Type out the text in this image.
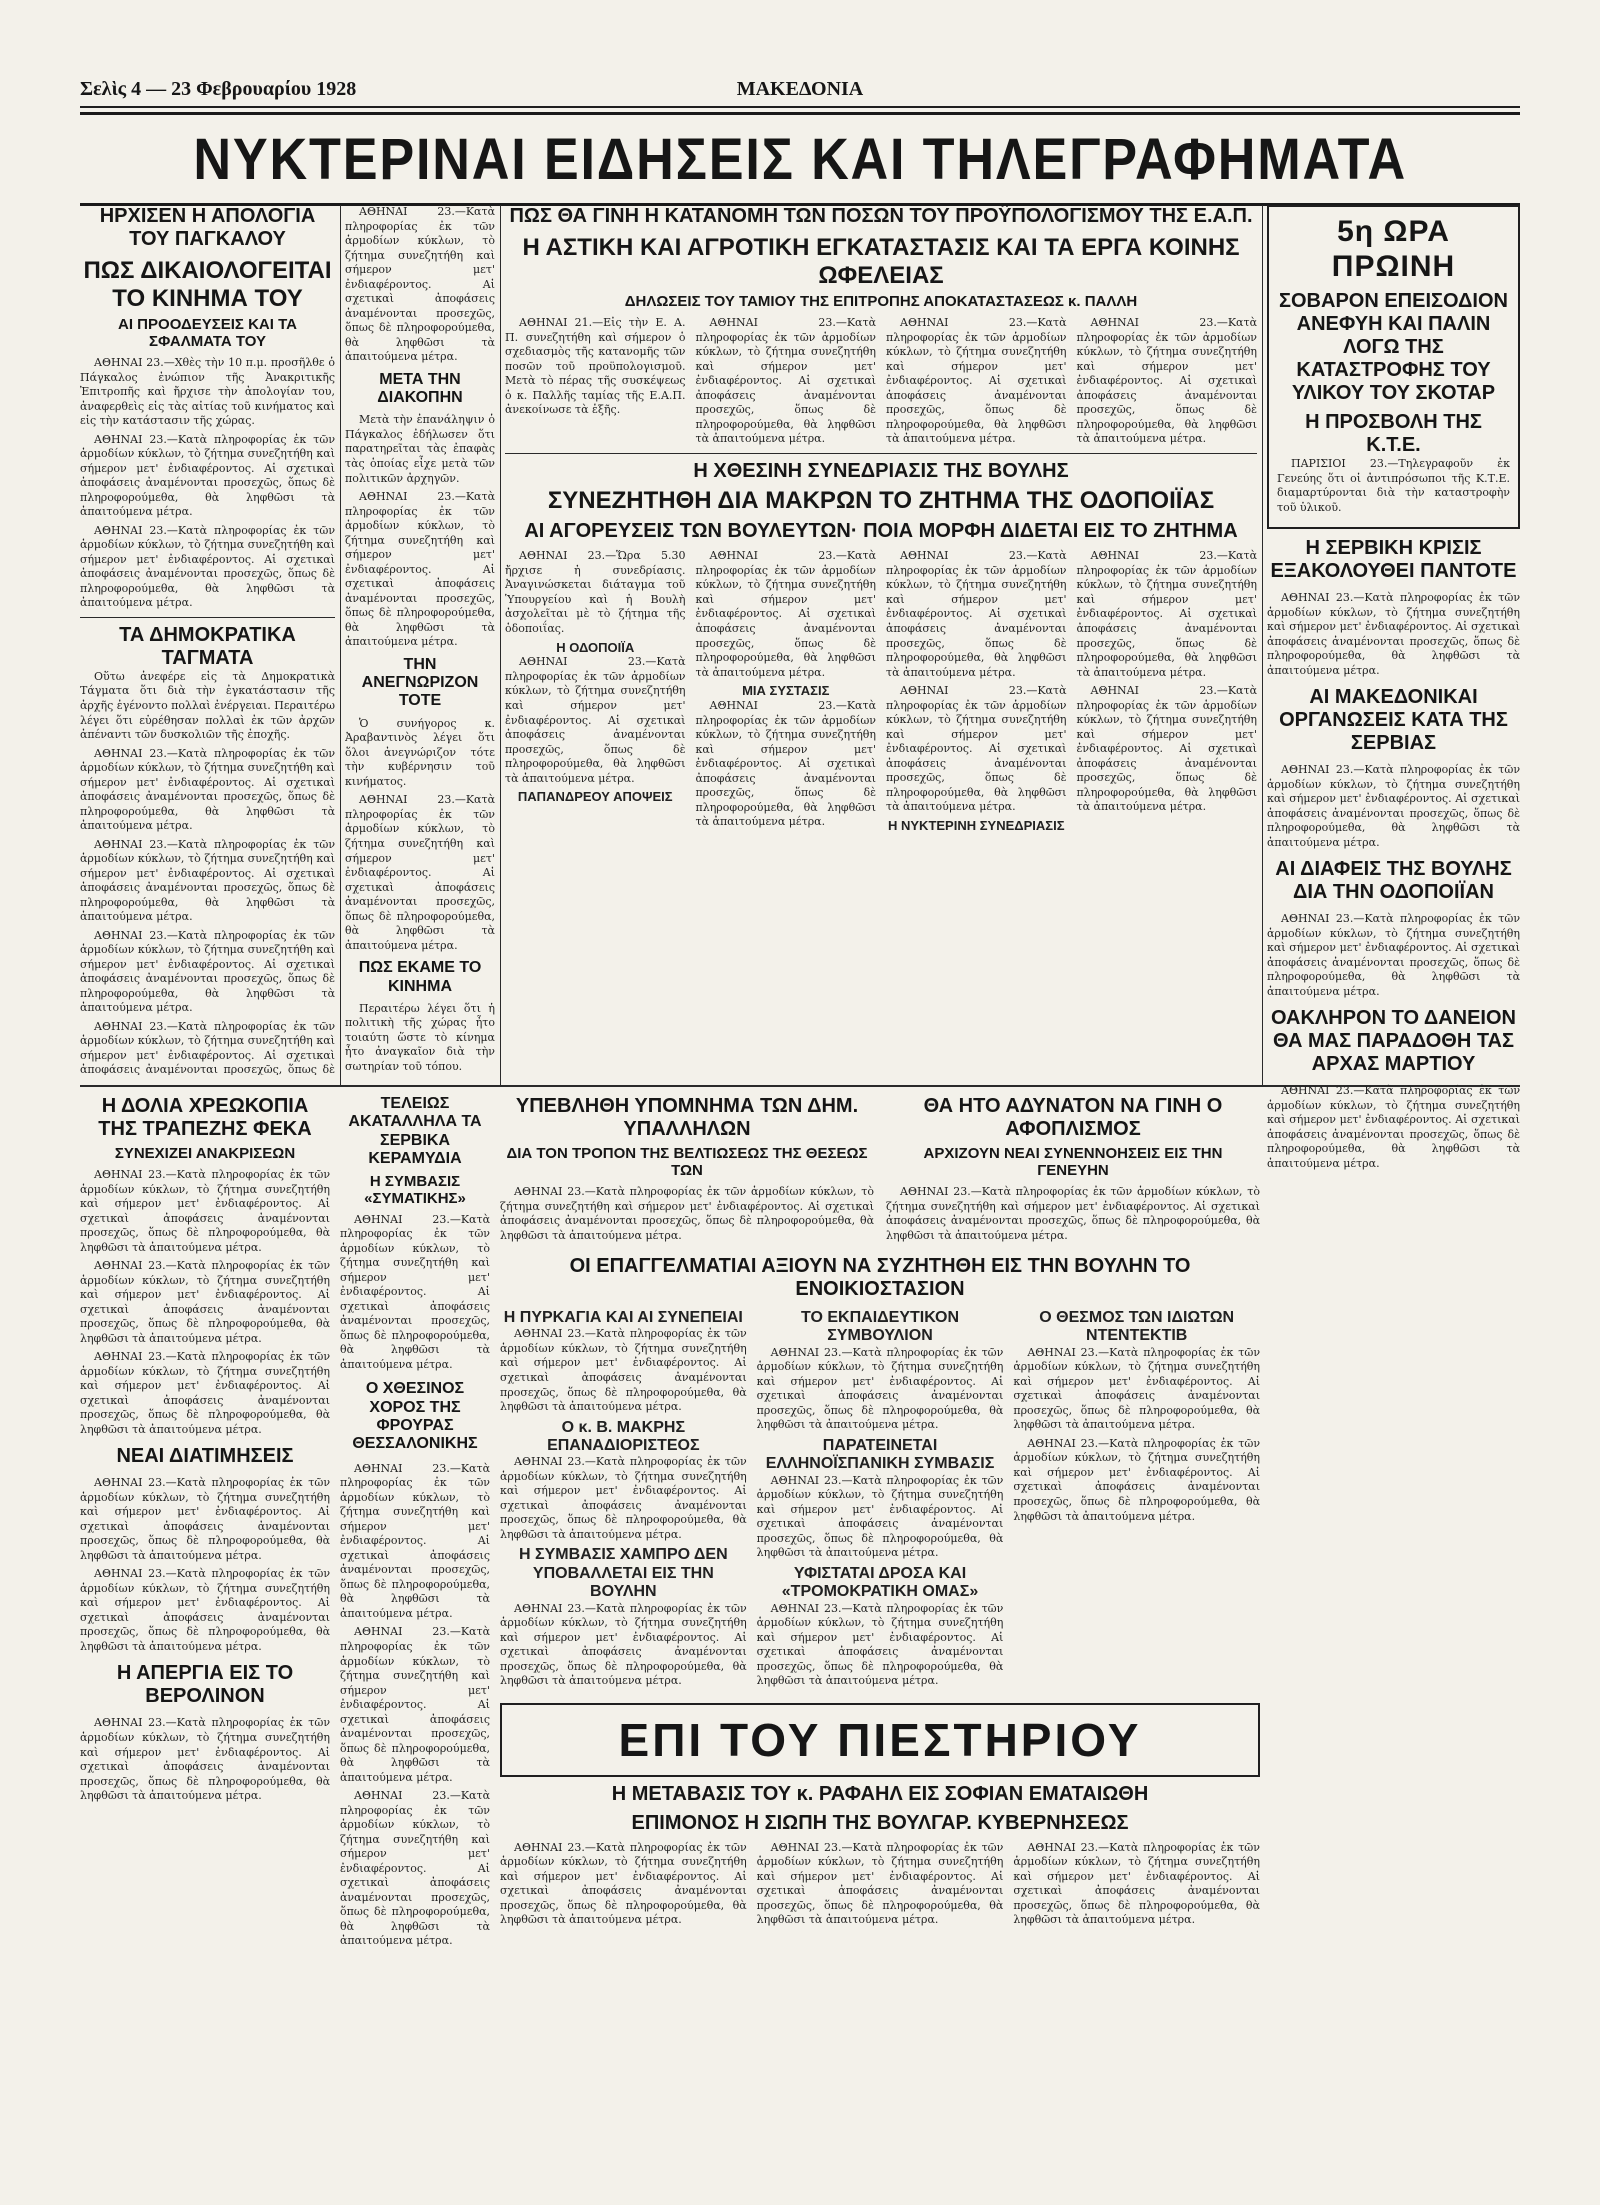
Σελὶς 4 — 23 Φεβρουαρίου 1928	ΜΑΚΕΔΟΝΙΑ
ΝΥΚΤΕΡΙΝΑΙ ΕΙΔΗΣΕΙΣ ΚΑΙ ΤΗΛΕΓΡΑΦΗΜΑΤΑ
ΗΡΧΙΣΕΝ Η ΑΠΟΛΟΓΙΑ ΤΟΥ ΠΑΓΚΑΛΟΥ
ΠΩΣ ΔΙΚΑΙΟΛΟΓΕΙΤΑΙ ΤΟ ΚΙΝΗΜΑ ΤΟΥ
ΑΙ ΠΡΟΟΔΕΥΣΕΙΣ ΚΑΙ ΤΑ ΣΦΑΛΜΑΤΑ ΤΟΥ

ΑΘΗΝΑΙ 23.—Χθὲς τὴν 10 π.μ. προσῆλθε ὁ Πάγκαλος ἐνώπιον τῆς Ἀνακριτικῆς Ἐπιτροπῆς καὶ ἤρχισε τὴν ἀπολογίαν του, ἀναφερθεὶς εἰς τὰς αἰτίας τοῦ κινήματος καὶ εἰς τὴν κατάστασιν τῆς χώρας.

ΑΘΗΝΑΙ 23.—Κατὰ πληροφορίας ἐκ τῶν ἁρμοδίων κύκλων, τὸ ζήτημα συνεζητήθη καὶ σήμερον μετ' ἐνδιαφέροντος. Αἱ σχετικαὶ ἀποφάσεις ἀναμένονται προσεχῶς, ὅπως δὲ πληροφορούμεθα, θὰ ληφθῶσι τὰ ἀπαιτούμενα μέτρα.

ΑΘΗΝΑΙ 23.—Κατὰ πληροφορίας ἐκ τῶν ἁρμοδίων κύκλων, τὸ ζήτημα συνεζητήθη καὶ σήμερον μετ' ἐνδιαφέροντος. Αἱ σχετικαὶ ἀποφάσεις ἀναμένονται προσεχῶς, ὅπως δὲ πληροφορούμεθα, θὰ ληφθῶσι τὰ ἀπαιτούμενα μέτρα.

ΤΑ ΔΗΜΟΚΡΑΤΙΚΑ ΤΑΓΜΑΤΑ

Οὕτω ἀνεφέρε εἰς τὰ Δημοκρατικὰ Τάγματα ὅτι διὰ τὴν ἐγκατάστασιν τῆς ἀρχῆς ἐγένοντο πολλαὶ ἐνέργειαι. Περαιτέρω λέγει ὅτι εὑρέθησαν πολλαὶ ἐκ τῶν ἀρχῶν ἀπέναντι τῶν δυσκολιῶν τῆς ἐποχῆς.

ΑΘΗΝΑΙ 23.—Κατὰ πληροφορίας ἐκ τῶν ἁρμοδίων κύκλων, τὸ ζήτημα συνεζητήθη καὶ σήμερον μετ' ἐνδιαφέροντος. Αἱ σχετικαὶ ἀποφάσεις ἀναμένονται προσεχῶς, ὅπως δὲ πληροφορούμεθα, θὰ ληφθῶσι τὰ ἀπαιτούμενα μέτρα.

ΑΘΗΝΑΙ 23.—Κατὰ πληροφορίας ἐκ τῶν ἁρμοδίων κύκλων, τὸ ζήτημα συνεζητήθη καὶ σήμερον μετ' ἐνδιαφέροντος. Αἱ σχετικαὶ ἀποφάσεις ἀναμένονται προσεχῶς, ὅπως δὲ πληροφορούμεθα, θὰ ληφθῶσι τὰ ἀπαιτούμενα μέτρα.

ΑΘΗΝΑΙ 23.—Κατὰ πληροφορίας ἐκ τῶν ἁρμοδίων κύκλων, τὸ ζήτημα συνεζητήθη καὶ σήμερον μετ' ἐνδιαφέροντος. Αἱ σχετικαὶ ἀποφάσεις ἀναμένονται προσεχῶς, ὅπως δὲ πληροφορούμεθα, θὰ ληφθῶσι τὰ ἀπαιτούμενα μέτρα.

ΑΘΗΝΑΙ 23.—Κατὰ πληροφορίας ἐκ τῶν ἁρμοδίων κύκλων, τὸ ζήτημα συνεζητήθη καὶ σήμερον μετ' ἐνδιαφέροντος. Αἱ σχετικαὶ ἀποφάσεις ἀναμένονται προσεχῶς, ὅπως δὲ

ΑΘΗΝΑΙ 23.—Κατὰ πληροφορίας ἐκ τῶν ἁρμοδίων κύκλων, τὸ ζήτημα συνεζητήθη καὶ σήμερον μετ' ἐνδιαφέροντος. Αἱ σχετικαὶ ἀποφάσεις ἀναμένονται προσεχῶς, ὅπως δὲ πληροφορούμεθα, θὰ ληφθῶσι τὰ ἀπαιτούμενα μέτρα.

ΜΕΤΑ ΤΗΝ ΔΙΑΚΟΠΗΝ

Μετὰ τὴν ἐπανάληψιν ὁ Πάγκαλος ἐδήλωσεν ὅτι παρατηρεῖται τὰς ἐπαφὰς τὰς ὁποίας εἶχε μετὰ τῶν πολιτικῶν ἀρχηγῶν.

ΑΘΗΝΑΙ 23.—Κατὰ πληροφορίας ἐκ τῶν ἁρμοδίων κύκλων, τὸ ζήτημα συνεζητήθη καὶ σήμερον μετ' ἐνδιαφέροντος. Αἱ σχετικαὶ ἀποφάσεις ἀναμένονται προσεχῶς, ὅπως δὲ πληροφορούμεθα, θὰ ληφθῶσι τὰ ἀπαιτούμενα μέτρα.

ΤΗΝ ΑΝΕΓΝΩΡΙΖΟΝ ΤΟΤΕ

Ὁ συνήγορος κ. Ἀραβαντινὸς λέγει ὅτι ὅλοι ἀνεγνώριζον τότε τὴν κυβέρνησιν τοῦ κινήματος.

ΑΘΗΝΑΙ 23.—Κατὰ πληροφορίας ἐκ τῶν ἁρμοδίων κύκλων, τὸ ζήτημα συνεζητήθη καὶ σήμερον μετ' ἐνδιαφέροντος. Αἱ σχετικαὶ ἀποφάσεις ἀναμένονται προσεχῶς, ὅπως δὲ πληροφορούμεθα, θὰ ληφθῶσι τὰ ἀπαιτούμενα μέτρα.

ΠΩΣ ΕΚΑΜΕ ΤΟ ΚΙΝΗΜΑ

Περαιτέρω λέγει ὅτι ἡ πολιτικὴ τῆς χώρας ἦτο τοιαύτη ὥστε τὸ κίνημα ἦτο ἀναγκαῖον διὰ τὴν σωτηρίαν τοῦ τόπου.

ΠΩΣ ΘΑ ΓΙΝΗ Η ΚΑΤΑΝΟΜΗ ΤΩΝ ΠΟΣΩΝ ΤΟΥ ΠΡΟΫΠΟΛΟΓΙΣΜΟΥ ΤΗΣ Ε.Α.Π.
Η ΑΣΤΙΚΗ ΚΑΙ ΑΓΡΟΤΙΚΗ ΕΓΚΑΤΑΣΤΑΣΙΣ ΚΑΙ ΤΑ ΕΡΓΑ ΚΟΙΝΗΣ ΩΦΕΛΕΙΑΣ
ΔΗΛΩΣΕΙΣ ΤΟΥ ΤΑΜΙΟΥ ΤΗΣ ΕΠΙΤΡΟΠΗΣ ΑΠΟΚΑΤΑΣΤΑΣΕΩΣ κ. ΠΑΛΛΗ

ΑΘΗΝΑΙ 21.—Εἰς τὴν Ε. Α. Π. συνεζητήθη καὶ σήμερον ὁ σχεδιασμὸς τῆς κατανομῆς τῶν ποσῶν τοῦ προϋπολογισμοῦ. Μετὰ τὸ πέρας τῆς συσκέψεως ὁ κ. Παλλῆς ταμίας τῆς Ε.Α.Π. ἀνεκοίνωσε τὰ ἑξῆς.

ΑΘΗΝΑΙ 23.—Κατὰ πληροφορίας ἐκ τῶν ἁρμοδίων κύκλων, τὸ ζήτημα συνεζητήθη καὶ σήμερον μετ' ἐνδιαφέροντος. Αἱ σχετικαὶ ἀποφάσεις ἀναμένονται προσεχῶς, ὅπως δὲ πληροφορούμεθα, θὰ ληφθῶσι τὰ ἀπαιτούμενα μέτρα.

ΑΘΗΝΑΙ 23.—Κατὰ πληροφορίας ἐκ τῶν ἁρμοδίων κύκλων, τὸ ζήτημα συνεζητήθη καὶ σήμερον μετ' ἐνδιαφέροντος. Αἱ σχετικαὶ ἀποφάσεις ἀναμένονται προσεχῶς, ὅπως δὲ πληροφορούμεθα, θὰ ληφθῶσι τὰ ἀπαιτούμενα μέτρα.

ΑΘΗΝΑΙ 23.—Κατὰ πληροφορίας ἐκ τῶν ἁρμοδίων κύκλων, τὸ ζήτημα συνεζητήθη καὶ σήμερον μετ' ἐνδιαφέροντος. Αἱ σχετικαὶ ἀποφάσεις ἀναμένονται προσεχῶς, ὅπως δὲ πληροφορούμεθα, θὰ ληφθῶσι τὰ ἀπαιτούμενα μέτρα.

Η ΧΘΕΣΙΝΗ ΣΥΝΕΔΡΙΑΣΙΣ ΤΗΣ ΒΟΥΛΗΣ
ΣΥΝΕΖΗΤΗΘΗ ΔΙΑ ΜΑΚΡΩΝ ΤΟ ΖΗΤΗΜΑ ΤΗΣ ΟΔΟΠΟΙΪΑΣ
ΑΙ ΑΓΟΡΕΥΣΕΙΣ ΤΩΝ ΒΟΥΛΕΥΤΩΝ· ΠΟΙΑ ΜΟΡΦΗ ΔΙΔΕΤΑΙ ΕΙΣ ΤΟ ΖΗΤΗΜΑ

ΑΘΗΝΑΙ 23.—Ὥρα 5.30 ἤρχισε ἡ συνεδρίασις. Ἀναγινώσκεται διάταγμα τοῦ Ὑπουργείου καὶ ἡ Βουλὴ ἀσχολεῖται μὲ τὸ ζήτημα τῆς ὁδοποιΐας.

Η ΟΔΟΠΟΙΪΑ

ΑΘΗΝΑΙ 23.—Κατὰ πληροφορίας ἐκ τῶν ἁρμοδίων κύκλων, τὸ ζήτημα συνεζητήθη καὶ σήμερον μετ' ἐνδιαφέροντος. Αἱ σχετικαὶ ἀποφάσεις ἀναμένονται προσεχῶς, ὅπως δὲ πληροφορούμεθα, θὰ ληφθῶσι τὰ ἀπαιτούμενα μέτρα.

ΠΑΠΑΝΔΡΕΟΥ ΑΠΟΨΕΙΣ

ΑΘΗΝΑΙ 23.—Κατὰ πληροφορίας ἐκ τῶν ἁρμοδίων κύκλων, τὸ ζήτημα συνεζητήθη καὶ σήμερον μετ' ἐνδιαφέροντος. Αἱ σχετικαὶ ἀποφάσεις ἀναμένονται προσεχῶς, ὅπως δὲ πληροφορούμεθα, θὰ ληφθῶσι τὰ ἀπαιτούμενα μέτρα.

ΜΙΑ ΣΥΣΤΑΣΙΣ

ΑΘΗΝΑΙ 23.—Κατὰ πληροφορίας ἐκ τῶν ἁρμοδίων κύκλων, τὸ ζήτημα συνεζητήθη καὶ σήμερον μετ' ἐνδιαφέροντος. Αἱ σχετικαὶ ἀποφάσεις ἀναμένονται προσεχῶς, ὅπως δὲ πληροφορούμεθα, θὰ ληφθῶσι τὰ ἀπαιτούμενα μέτρα.

ΑΘΗΝΑΙ 23.—Κατὰ πληροφορίας ἐκ τῶν ἁρμοδίων κύκλων, τὸ ζήτημα συνεζητήθη καὶ σήμερον μετ' ἐνδιαφέροντος. Αἱ σχετικαὶ ἀποφάσεις ἀναμένονται προσεχῶς, ὅπως δὲ πληροφορούμεθα, θὰ ληφθῶσι τὰ ἀπαιτούμενα μέτρα.

ΑΘΗΝΑΙ 23.—Κατὰ πληροφορίας ἐκ τῶν ἁρμοδίων κύκλων, τὸ ζήτημα συνεζητήθη καὶ σήμερον μετ' ἐνδιαφέροντος. Αἱ σχετικαὶ ἀποφάσεις ἀναμένονται προσεχῶς, ὅπως δὲ πληροφορούμεθα, θὰ ληφθῶσι τὰ ἀπαιτούμενα μέτρα.

Η ΝΥΚΤΕΡΙΝΗ ΣΥΝΕΔΡΙΑΣΙΣ

ΑΘΗΝΑΙ 23.—Κατὰ πληροφορίας ἐκ τῶν ἁρμοδίων κύκλων, τὸ ζήτημα συνεζητήθη καὶ σήμερον μετ' ἐνδιαφέροντος. Αἱ σχετικαὶ ἀποφάσεις ἀναμένονται προσεχῶς, ὅπως δὲ πληροφορούμεθα, θὰ ληφθῶσι τὰ ἀπαιτούμενα μέτρα.

ΑΘΗΝΑΙ 23.—Κατὰ πληροφορίας ἐκ τῶν ἁρμοδίων κύκλων, τὸ ζήτημα συνεζητήθη καὶ σήμερον μετ' ἐνδιαφέροντος. Αἱ σχετικαὶ ἀποφάσεις ἀναμένονται προσεχῶς, ὅπως δὲ πληροφορούμεθα, θὰ ληφθῶσι τὰ ἀπαιτούμενα μέτρα.

5η ΩΡΑ ΠΡΩΙΝΗ
ΣΟΒΑΡΟΝ ΕΠΕΙΣΟΔΙΟΝ ΑΝΕΦΥΗ ΚΑΙ ΠΑΛΙΝ ΛΟΓΩ ΤΗΣ ΚΑΤΑΣΤΡΟΦΗΣ ΤΟΥ ΥΛΙΚΟΥ ΤΟΥ ΣΚΟΤΑΡ
Η ΠΡΟΣΒΟΛΗ ΤΗΣ Κ.Τ.Ε.

ΠΑΡΙΣΙΟΙ 23.—Τηλεγραφοῦν ἐκ Γενεύης ὅτι οἱ ἀντιπρόσωποι τῆς Κ.Τ.Ε. διαμαρτύρονται διὰ τὴν καταστροφὴν τοῦ ὑλικοῦ.

Η ΣΕΡΒΙΚΗ ΚΡΙΣΙΣ ΕΞΑΚΟΛΟΥΘΕΙ ΠΑΝΤΟΤΕ

ΑΘΗΝΑΙ 23.—Κατὰ πληροφορίας ἐκ τῶν ἁρμοδίων κύκλων, τὸ ζήτημα συνεζητήθη καὶ σήμερον μετ' ἐνδιαφέροντος. Αἱ σχετικαὶ ἀποφάσεις ἀναμένονται προσεχῶς, ὅπως δὲ πληροφορούμεθα, θὰ ληφθῶσι τὰ ἀπαιτούμενα μέτρα.

ΑΙ ΜΑΚΕΔΟΝΙΚΑΙ ΟΡΓΑΝΩΣΕΙΣ ΚΑΤΑ ΤΗΣ ΣΕΡΒΙΑΣ

ΑΘΗΝΑΙ 23.—Κατὰ πληροφορίας ἐκ τῶν ἁρμοδίων κύκλων, τὸ ζήτημα συνεζητήθη καὶ σήμερον μετ' ἐνδιαφέροντος. Αἱ σχετικαὶ ἀποφάσεις ἀναμένονται προσεχῶς, ὅπως δὲ πληροφορούμεθα, θὰ ληφθῶσι τὰ ἀπαιτούμενα μέτρα.

ΑΙ ΔΙΑΦΕΙΣ ΤΗΣ ΒΟΥΛΗΣ ΔΙΑ ΤΗΝ ΟΔΟΠΟΙΪΑΝ

ΑΘΗΝΑΙ 23.—Κατὰ πληροφορίας ἐκ τῶν ἁρμοδίων κύκλων, τὸ ζήτημα συνεζητήθη καὶ σήμερον μετ' ἐνδιαφέροντος. Αἱ σχετικαὶ ἀποφάσεις ἀναμένονται προσεχῶς, ὅπως δὲ πληροφορούμεθα, θὰ ληφθῶσι τὰ ἀπαιτούμενα μέτρα.

ΟΑΚΛΗΡΟΝ ΤΟ ΔΑΝΕΙΟΝ ΘΑ ΜΑΣ ΠΑΡΑΔΟΘΗ ΤΑΣ ΑΡΧΑΣ ΜΑΡΤΙΟΥ

ΑΘΗΝΑΙ 23.—Κατὰ πληροφορίας ἐκ τῶν ἁρμοδίων κύκλων, τὸ ζήτημα συνεζητήθη καὶ σήμερον μετ' ἐνδιαφέροντος. Αἱ σχετικαὶ ἀποφάσεις ἀναμένονται προσεχῶς, ὅπως δὲ πληροφορούμεθα, θὰ ληφθῶσι τὰ ἀπαιτούμενα μέτρα.

Η ΔΟΛΙΑ ΧΡΕΩΚΟΠΙΑ ΤΗΣ ΤΡΑΠΕΖΗΣ ΦΕΚΑ
ΣΥΝΕΧΙΖΕΙ ΑΝΑΚΡΙΣΕΩΝ

ΑΘΗΝΑΙ 23.—Κατὰ πληροφορίας ἐκ τῶν ἁρμοδίων κύκλων, τὸ ζήτημα συνεζητήθη καὶ σήμερον μετ' ἐνδιαφέροντος. Αἱ σχετικαὶ ἀποφάσεις ἀναμένονται προσεχῶς, ὅπως δὲ πληροφορούμεθα, θὰ ληφθῶσι τὰ ἀπαιτούμενα μέτρα.

ΑΘΗΝΑΙ 23.—Κατὰ πληροφορίας ἐκ τῶν ἁρμοδίων κύκλων, τὸ ζήτημα συνεζητήθη καὶ σήμερον μετ' ἐνδιαφέροντος. Αἱ σχετικαὶ ἀποφάσεις ἀναμένονται προσεχῶς, ὅπως δὲ πληροφορούμεθα, θὰ ληφθῶσι τὰ ἀπαιτούμενα μέτρα.

ΑΘΗΝΑΙ 23.—Κατὰ πληροφορίας ἐκ τῶν ἁρμοδίων κύκλων, τὸ ζήτημα συνεζητήθη καὶ σήμερον μετ' ἐνδιαφέροντος. Αἱ σχετικαὶ ἀποφάσεις ἀναμένονται προσεχῶς, ὅπως δὲ πληροφορούμεθα, θὰ ληφθῶσι τὰ ἀπαιτούμενα μέτρα.

ΝΕΑΙ ΔΙΑΤΙΜΗΣΕΙΣ

ΑΘΗΝΑΙ 23.—Κατὰ πληροφορίας ἐκ τῶν ἁρμοδίων κύκλων, τὸ ζήτημα συνεζητήθη καὶ σήμερον μετ' ἐνδιαφέροντος. Αἱ σχετικαὶ ἀποφάσεις ἀναμένονται προσεχῶς, ὅπως δὲ πληροφορούμεθα, θὰ ληφθῶσι τὰ ἀπαιτούμενα μέτρα.

ΑΘΗΝΑΙ 23.—Κατὰ πληροφορίας ἐκ τῶν ἁρμοδίων κύκλων, τὸ ζήτημα συνεζητήθη καὶ σήμερον μετ' ἐνδιαφέροντος. Αἱ σχετικαὶ ἀποφάσεις ἀναμένονται προσεχῶς, ὅπως δὲ πληροφορούμεθα, θὰ ληφθῶσι τὰ ἀπαιτούμενα μέτρα.

Η ΑΠΕΡΓΙΑ ΕΙΣ ΤΟ ΒΕΡΟΛΙΝΟΝ

ΑΘΗΝΑΙ 23.—Κατὰ πληροφορίας ἐκ τῶν ἁρμοδίων κύκλων, τὸ ζήτημα συνεζητήθη καὶ σήμερον μετ' ἐνδιαφέροντος. Αἱ σχετικαὶ ἀποφάσεις ἀναμένονται προσεχῶς, ὅπως δὲ πληροφορούμεθα, θὰ ληφθῶσι τὰ ἀπαιτούμενα μέτρα.

ΤΕΛΕΙΩΣ ΑΚΑΤΑΛΛΗΛΑ ΤΑ ΣΕΡΒΙΚΑ ΚΕΡΑΜΥΔΙΑ
Η ΣΥΜΒΑΣΙΣ «ΣΥΜΑΤΙΚΗΣ»

ΑΘΗΝΑΙ 23.—Κατὰ πληροφορίας ἐκ τῶν ἁρμοδίων κύκλων, τὸ ζήτημα συνεζητήθη καὶ σήμερον μετ' ἐνδιαφέροντος. Αἱ σχετικαὶ ἀποφάσεις ἀναμένονται προσεχῶς, ὅπως δὲ πληροφορούμεθα, θὰ ληφθῶσι τὰ ἀπαιτούμενα μέτρα.

Ο ΧΘΕΣΙΝΟΣ ΧΟΡΟΣ ΤΗΣ ΦΡΟΥΡΑΣ ΘΕΣΣΑΛΟΝΙΚΗΣ

ΑΘΗΝΑΙ 23.—Κατὰ πληροφορίας ἐκ τῶν ἁρμοδίων κύκλων, τὸ ζήτημα συνεζητήθη καὶ σήμερον μετ' ἐνδιαφέροντος. Αἱ σχετικαὶ ἀποφάσεις ἀναμένονται προσεχῶς, ὅπως δὲ πληροφορούμεθα, θὰ ληφθῶσι τὰ ἀπαιτούμενα μέτρα.

ΑΘΗΝΑΙ 23.—Κατὰ πληροφορίας ἐκ τῶν ἁρμοδίων κύκλων, τὸ ζήτημα συνεζητήθη καὶ σήμερον μετ' ἐνδιαφέροντος. Αἱ σχετικαὶ ἀποφάσεις ἀναμένονται προσεχῶς, ὅπως δὲ πληροφορούμεθα, θὰ ληφθῶσι τὰ ἀπαιτούμενα μέτρα.

ΑΘΗΝΑΙ 23.—Κατὰ πληροφορίας ἐκ τῶν ἁρμοδίων κύκλων, τὸ ζήτημα συνεζητήθη καὶ σήμερον μετ' ἐνδιαφέροντος. Αἱ σχετικαὶ ἀποφάσεις ἀναμένονται προσεχῶς, ὅπως δὲ πληροφορούμεθα, θὰ ληφθῶσι τὰ ἀπαιτούμενα μέτρα.

ΥΠΕΒΛΗΘΗ ΥΠΟΜΝΗΜΑ ΤΩΝ ΔΗΜ. ΥΠΑΛΛΗΛΩΝ
ΔΙΑ ΤΟΝ ΤΡΟΠΟΝ ΤΗΣ ΒΕΛΤΙΩΣΕΩΣ ΤΗΣ ΘΕΣΕΩΣ ΤΩΝ

ΑΘΗΝΑΙ 23.—Κατὰ πληροφορίας ἐκ τῶν ἁρμοδίων κύκλων, τὸ ζήτημα συνεζητήθη καὶ σήμερον μετ' ἐνδιαφέροντος. Αἱ σχετικαὶ ἀποφάσεις ἀναμένονται προσεχῶς, ὅπως δὲ πληροφορούμεθα, θὰ ληφθῶσι τὰ ἀπαιτούμενα μέτρα.

ΘΑ ΗΤΟ ΑΔΥΝΑΤΟΝ ΝΑ ΓΙΝΗ Ο ΑΦΟΠΛΙΣΜΟΣ
ΑΡΧΙΖΟΥΝ ΝΕΑΙ ΣΥΝΕΝΝΟΗΣΕΙΣ ΕΙΣ ΤΗΝ ΓΕΝΕΥΗΝ

ΑΘΗΝΑΙ 23.—Κατὰ πληροφορίας ἐκ τῶν ἁρμοδίων κύκλων, τὸ ζήτημα συνεζητήθη καὶ σήμερον μετ' ἐνδιαφέροντος. Αἱ σχετικαὶ ἀποφάσεις ἀναμένονται προσεχῶς, ὅπως δὲ πληροφορούμεθα, θὰ ληφθῶσι τὰ ἀπαιτούμενα μέτρα.

ΟΙ ΕΠΑΓΓΕΛΜΑΤΙΑΙ ΑΞΙΟΥΝ ΝΑ ΣΥΖΗΤΗΘΗ ΕΙΣ ΤΗΝ ΒΟΥΛΗΝ ΤΟ ΕΝΟΙΚΙΟΣΤΑΣΙΟΝ
Η ΠΥΡΚΑΓΙΑ ΚΑΙ ΑΙ ΣΥΝΕΠΕΙΑΙ

ΑΘΗΝΑΙ 23.—Κατὰ πληροφορίας ἐκ τῶν ἁρμοδίων κύκλων, τὸ ζήτημα συνεζητήθη καὶ σήμερον μετ' ἐνδιαφέροντος. Αἱ σχετικαὶ ἀποφάσεις ἀναμένονται προσεχῶς, ὅπως δὲ πληροφορούμεθα, θὰ ληφθῶσι τὰ ἀπαιτούμενα μέτρα.

Ο κ. Β. ΜΑΚΡΗΣ ΕΠΑΝΑΔΙΟΡΙΣΤΕΟΣ

ΑΘΗΝΑΙ 23.—Κατὰ πληροφορίας ἐκ τῶν ἁρμοδίων κύκλων, τὸ ζήτημα συνεζητήθη καὶ σήμερον μετ' ἐνδιαφέροντος. Αἱ σχετικαὶ ἀποφάσεις ἀναμένονται προσεχῶς, ὅπως δὲ πληροφορούμεθα, θὰ ληφθῶσι τὰ ἀπαιτούμενα μέτρα.

Η ΣΥΜΒΑΣΙΣ ΧΑΜΠΡΟ ΔΕΝ ΥΠΟΒΑΛΛΕΤΑΙ ΕΙΣ ΤΗΝ ΒΟΥΛΗΝ

ΑΘΗΝΑΙ 23.—Κατὰ πληροφορίας ἐκ τῶν ἁρμοδίων κύκλων, τὸ ζήτημα συνεζητήθη καὶ σήμερον μετ' ἐνδιαφέροντος. Αἱ σχετικαὶ ἀποφάσεις ἀναμένονται προσεχῶς, ὅπως δὲ πληροφορούμεθα, θὰ ληφθῶσι τὰ ἀπαιτούμενα μέτρα.

ΤΟ ΕΚΠΑΙΔΕΥΤΙΚΟΝ ΣΥΜΒΟΥΛΙΟΝ

ΑΘΗΝΑΙ 23.—Κατὰ πληροφορίας ἐκ τῶν ἁρμοδίων κύκλων, τὸ ζήτημα συνεζητήθη καὶ σήμερον μετ' ἐνδιαφέροντος. Αἱ σχετικαὶ ἀποφάσεις ἀναμένονται προσεχῶς, ὅπως δὲ πληροφορούμεθα, θὰ ληφθῶσι τὰ ἀπαιτούμενα μέτρα.

ΠΑΡΑΤΕΙΝΕΤΑΙ ΕΛΛΗΝΟΪΣΠΑΝΙΚΗ ΣΥΜΒΑΣΙΣ

ΑΘΗΝΑΙ 23.—Κατὰ πληροφορίας ἐκ τῶν ἁρμοδίων κύκλων, τὸ ζήτημα συνεζητήθη καὶ σήμερον μετ' ἐνδιαφέροντος. Αἱ σχετικαὶ ἀποφάσεις ἀναμένονται προσεχῶς, ὅπως δὲ πληροφορούμεθα, θὰ ληφθῶσι τὰ ἀπαιτούμενα μέτρα.

ΥΦΙΣΤΑΤΑΙ ΔΡΟΣΑ ΚΑΙ «ΤΡΟΜΟΚΡΑΤΙΚΗ ΟΜΑΣ»

ΑΘΗΝΑΙ 23.—Κατὰ πληροφορίας ἐκ τῶν ἁρμοδίων κύκλων, τὸ ζήτημα συνεζητήθη καὶ σήμερον μετ' ἐνδιαφέροντος. Αἱ σχετικαὶ ἀποφάσεις ἀναμένονται προσεχῶς, ὅπως δὲ πληροφορούμεθα, θὰ ληφθῶσι τὰ ἀπαιτούμενα μέτρα.

Ο ΘΕΣΜΟΣ ΤΩΝ ΙΔΙΩΤΩΝ ΝΤΕΝΤΕΚΤΙΒ

ΑΘΗΝΑΙ 23.—Κατὰ πληροφορίας ἐκ τῶν ἁρμοδίων κύκλων, τὸ ζήτημα συνεζητήθη καὶ σήμερον μετ' ἐνδιαφέροντος. Αἱ σχετικαὶ ἀποφάσεις ἀναμένονται προσεχῶς, ὅπως δὲ πληροφορούμεθα, θὰ ληφθῶσι τὰ ἀπαιτούμενα μέτρα.

ΑΘΗΝΑΙ 23.—Κατὰ πληροφορίας ἐκ τῶν ἁρμοδίων κύκλων, τὸ ζήτημα συνεζητήθη καὶ σήμερον μετ' ἐνδιαφέροντος. Αἱ σχετικαὶ ἀποφάσεις ἀναμένονται προσεχῶς, ὅπως δὲ πληροφορούμεθα, θὰ ληφθῶσι τὰ ἀπαιτούμενα μέτρα.

ΕΠΙ ΤΟΥ ΠΙΕΣΤΗΡΙΟΥ
Η ΜΕΤΑΒΑΣΙΣ ΤΟΥ κ. ΡΑΦΑΗΛ ΕΙΣ ΣΟΦΙΑΝ ΕΜΑΤΑΙΩΘΗ
ΕΠΙΜΟΝΟΣ Η ΣΙΩΠΗ ΤΗΣ ΒΟΥΛΓΑΡ. ΚΥΒΕΡΝΗΣΕΩΣ

ΑΘΗΝΑΙ 23.—Κατὰ πληροφορίας ἐκ τῶν ἁρμοδίων κύκλων, τὸ ζήτημα συνεζητήθη καὶ σήμερον μετ' ἐνδιαφέροντος. Αἱ σχετικαὶ ἀποφάσεις ἀναμένονται προσεχῶς, ὅπως δὲ πληροφορούμεθα, θὰ ληφθῶσι τὰ ἀπαιτούμενα μέτρα.

ΑΘΗΝΑΙ 23.—Κατὰ πληροφορίας ἐκ τῶν ἁρμοδίων κύκλων, τὸ ζήτημα συνεζητήθη καὶ σήμερον μετ' ἐνδιαφέροντος. Αἱ σχετικαὶ ἀποφάσεις ἀναμένονται προσεχῶς, ὅπως δὲ πληροφορούμεθα, θὰ ληφθῶσι τὰ ἀπαιτούμενα μέτρα.

ΑΘΗΝΑΙ 23.—Κατὰ πληροφορίας ἐκ τῶν ἁρμοδίων κύκλων, τὸ ζήτημα συνεζητήθη καὶ σήμερον μετ' ἐνδιαφέροντος. Αἱ σχετικαὶ ἀποφάσεις ἀναμένονται προσεχῶς, ὅπως δὲ πληροφορούμεθα, θὰ ληφθῶσι τὰ ἀπαιτούμενα μέτρα.
